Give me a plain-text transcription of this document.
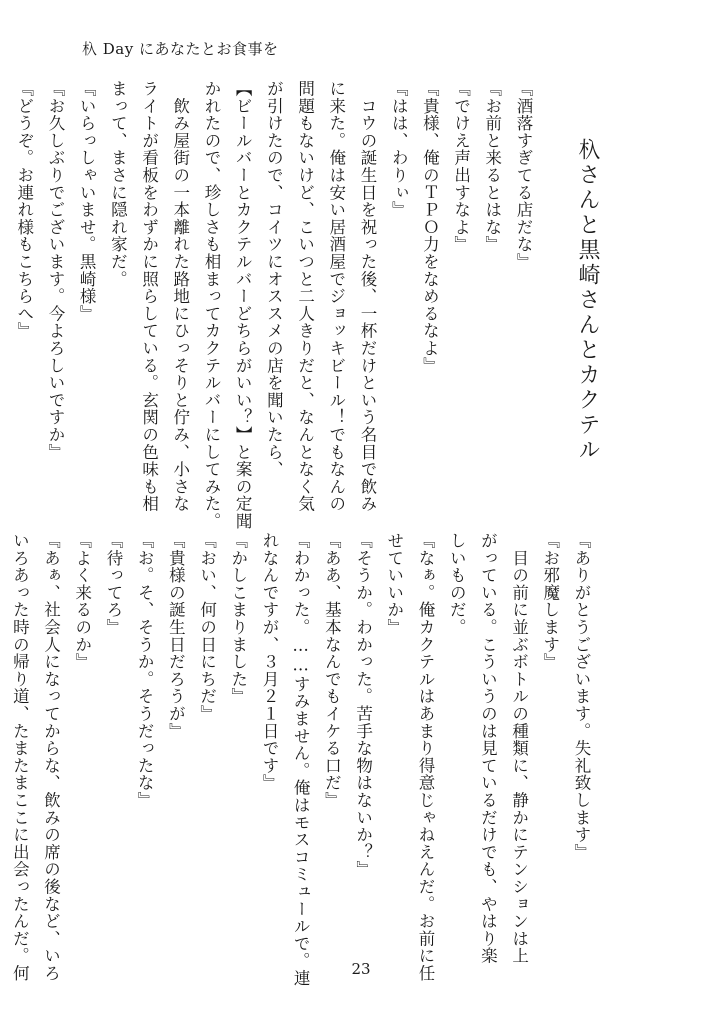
杁 Day にあなたとお食事を
杁さんと黒崎さんとカクテル
『酒落すぎてる店だな』
『お前と来るとはな』
『でけえ声出すなよ』
『貴様、俺のＴＰＯ力をなめるなよ』
『はは、わりぃ』
　コウの誕生日を祝った後、一杯だけという名目で飲み
に来た。俺は安い居酒屋でジョッキビール！でもなんの
問題もないけど、こいつと二人きりだと、なんとなく気
が引けたので、コイツにオススメの店を聞いたら、
【ビールバーとカクテルバーどちらがいい？】と案の定聞
かれたので、珍しさも相まってカクテルバーにしてみた。
　飲み屋街の一本離れた路地にひっそりと佇み、小さな
ライトが看板をわずかに照らしている。玄関の色味も相
まって、まさに隠れ家だ。
『いらっしゃいませ。黒崎様』
『お久しぶりでございます。今よろしいですか』
『どうぞ。お連れ様もこちらへ』
『ありがとうございます。失礼致します』
『お邪魔します』
　目の前に並ぶボトルの種類に、静かにテンションは上
がっている。こういうのは見ているだけでも、やはり楽
しいものだ。
『なぁ。俺カクテルはあまり得意じゃねえんだ。お前に任
せていいか』
『そうか。わかった。苦手な物はないか？』
『ああ、基本なんでもイケる口だ』
『わかった。……すみません。俺はモスコミュールで。連
れなんですが、３月２１日です』
『かしこまりました』
『おい、何の日にちだ』
『貴様の誕生日だろうが』
『お。そ、そうか。そうだったな』
『待ってろ』
『よく来るのか』
『あぁ、社会人になってからな、飲みの席の後など、いろ
いろあった時の帰り道、たまたまここに出会ったんだ。何	23
